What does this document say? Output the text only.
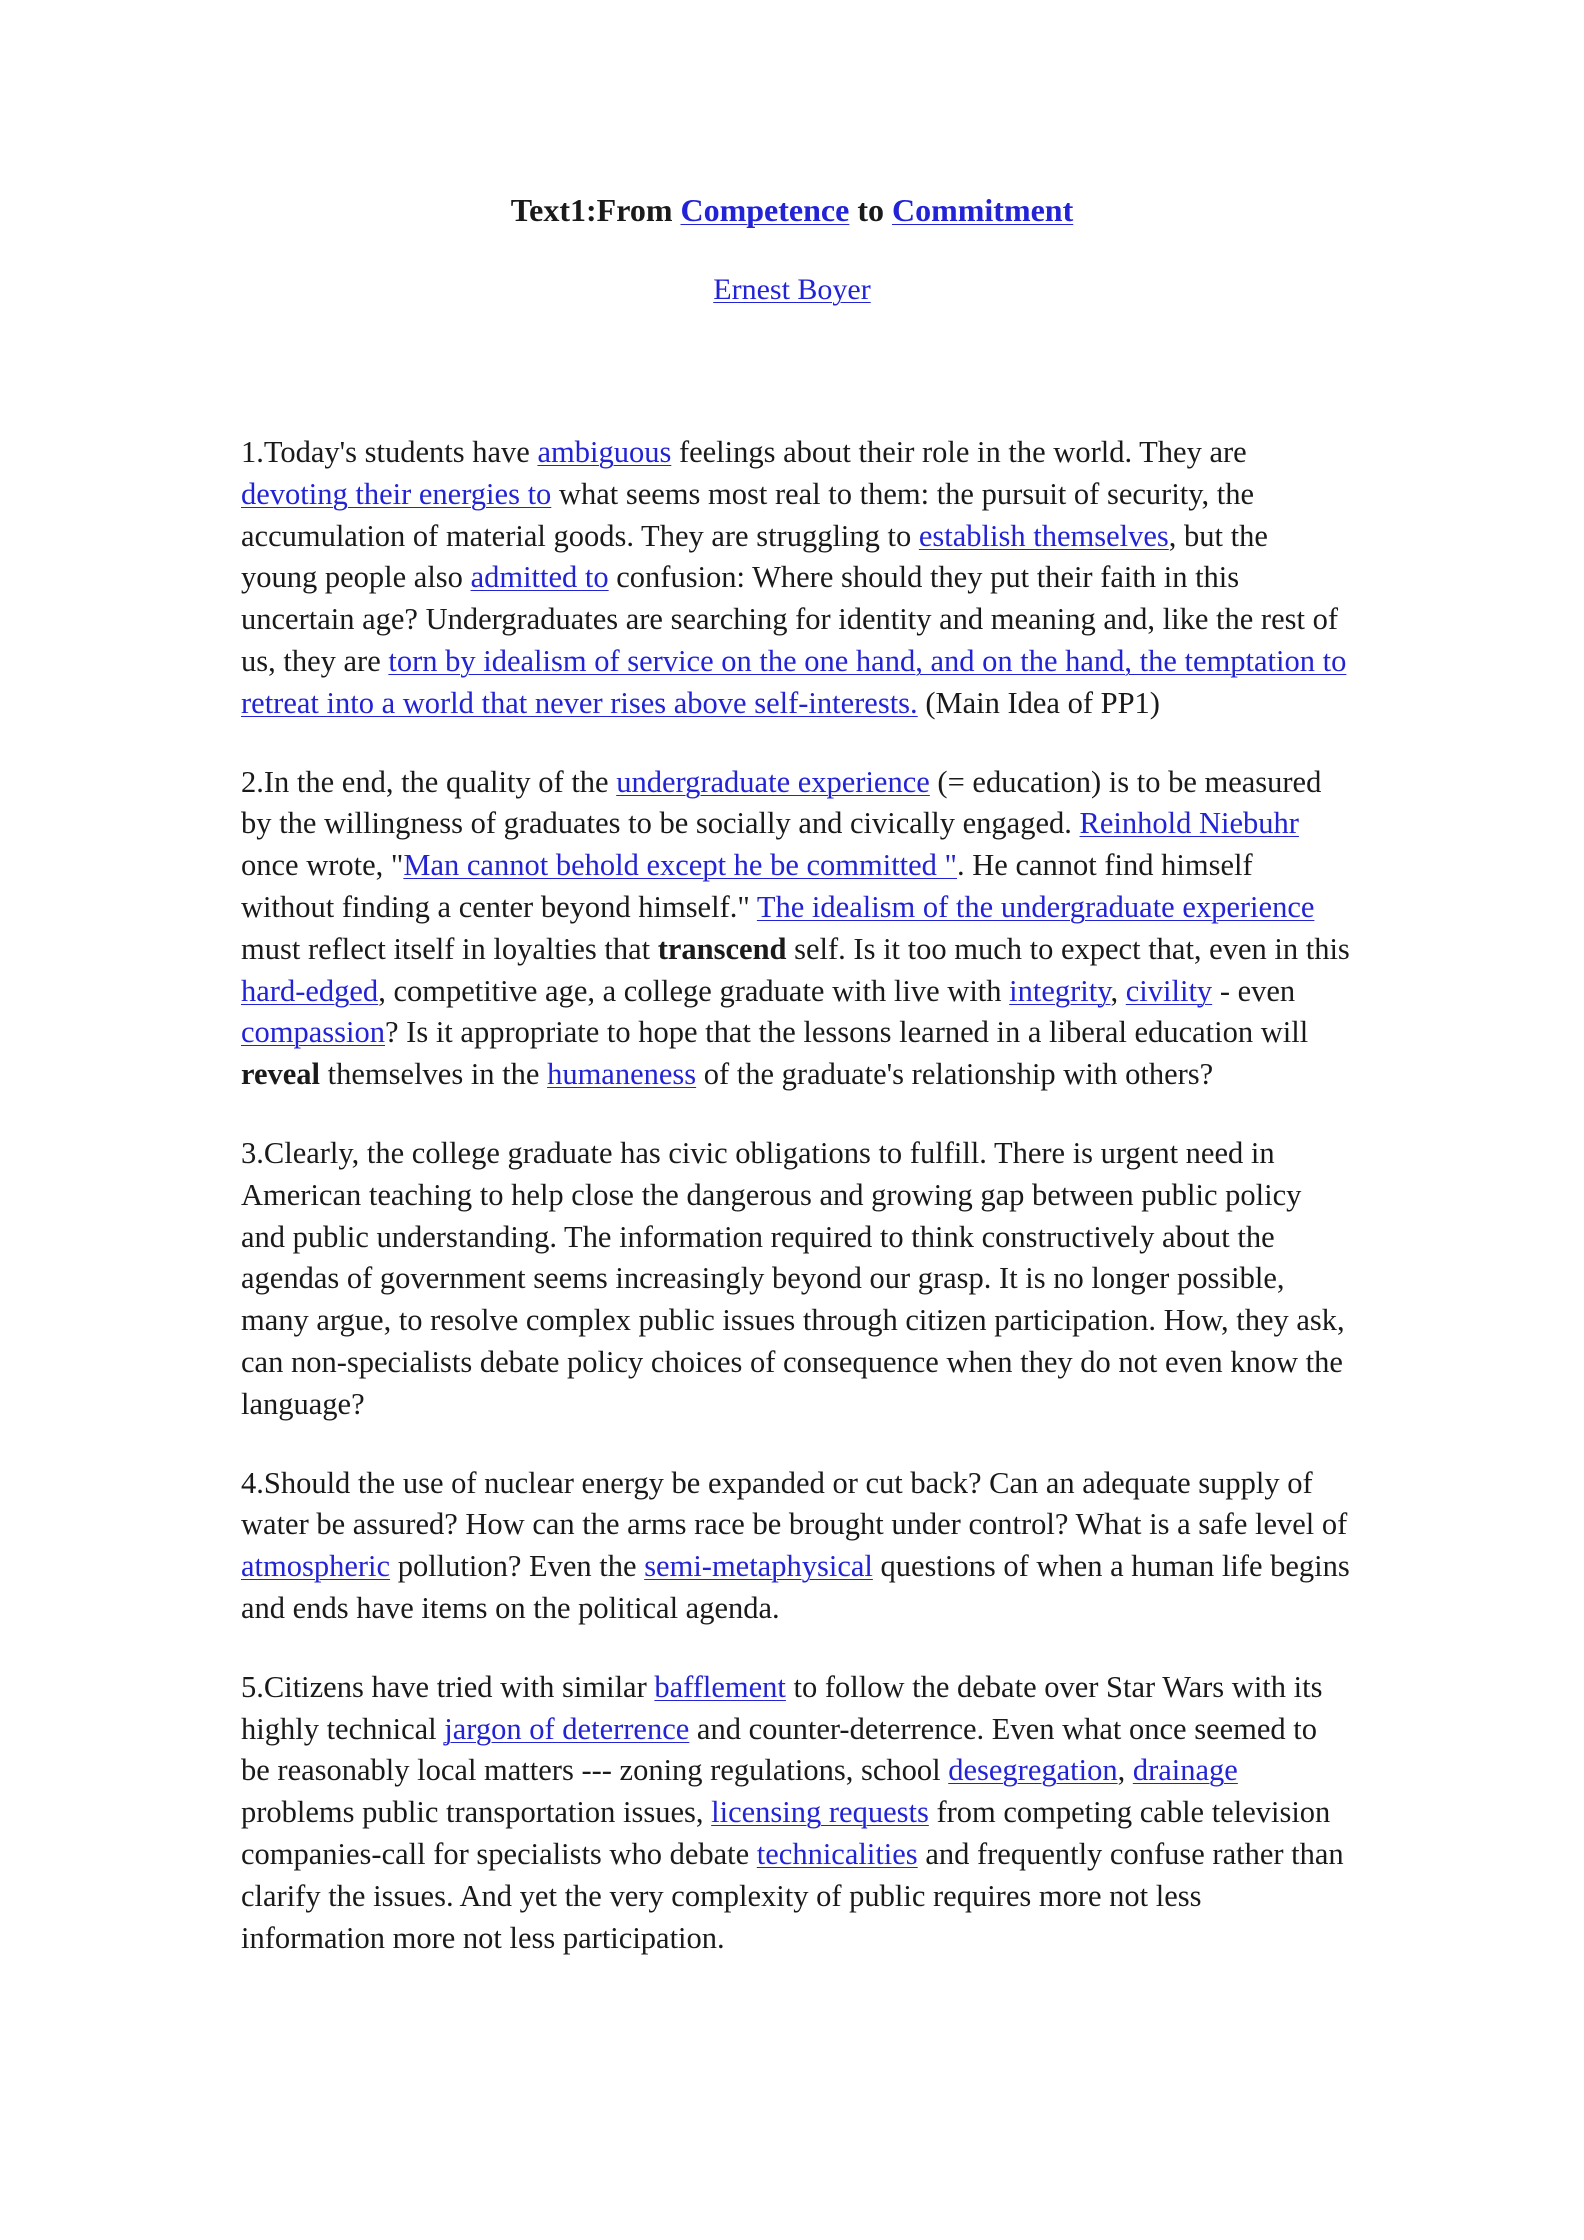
Text1:From Competence to Commitment
Ernest Boyer

1.Today's students have ambiguous feelings about their role in the world. They are devoting their energies to what seems most real to them: the pursuit of security, the accumulation of material goods. They are struggling to establish themselves, but the young people also admitted to confusion: Where should they put their faith in this uncertain age? Undergraduates are searching for identity and meaning and, like the rest of us, they are torn by idealism of service on the one hand, and on the hand, the temptation to retreat into a world that never rises above self-interests. (Main Idea of PP1)

2.In the end, the quality of the undergraduate experience (= education) is to be measured by the willingness of graduates to be socially and civically engaged. Reinhold Niebuhr once wrote, "Man cannot behold except he be committed ". He cannot find himself without finding a center beyond himself." The idealism of the undergraduate experience must reflect itself in loyalties that transcend self. Is it too much to expect that, even in this hard-edged, competitive age, a college graduate with live with integrity, civility - even compassion? Is it appropriate to hope that the lessons learned in a liberal education will reveal themselves in the humaneness of the graduate's relationship with others?

3.Clearly, the college graduate has civic obligations to fulfill. There is urgent need in American teaching to help close the dangerous and growing gap between public policy and public understanding. The information required to think constructively about the agendas of government seems increasingly beyond our grasp. It is no longer possible, many argue, to resolve complex public issues through citizen participation. How, they ask, can non-specialists debate policy choices of consequence when they do not even know the language?

4.Should the use of nuclear energy be expanded or cut back? Can an adequate supply of water be assured? How can the arms race be brought under control? What is a safe level of atmospheric pollution? Even the semi-metaphysical questions of when a human life begins and ends have items on the political agenda.

5.Citizens have tried with similar bafflement to follow the debate over Star Wars with its highly technical jargon of deterrence and counter-deterrence. Even what once seemed to be reasonably local matters --- zoning regulations, school desegregation, drainage problems public transportation issues, licensing requests from competing cable television companies-call for specialists who debate technicalities and frequently confuse rather than clarify the issues. And yet the very complexity of public requires more not less information more not less participation.
